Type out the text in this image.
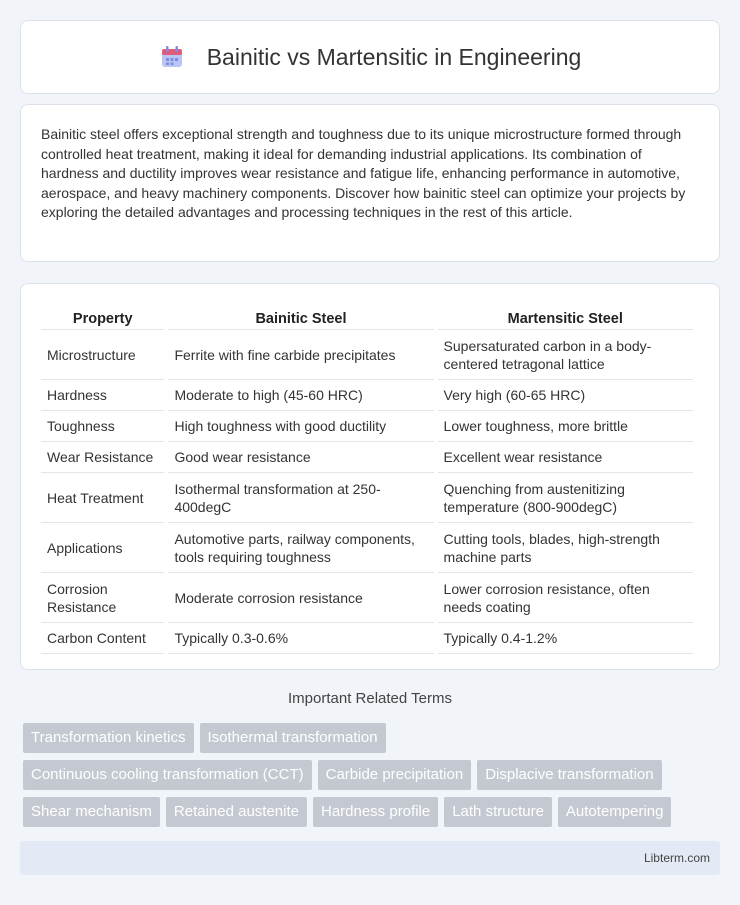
Bainitic vs Martensitic in Engineering

Bainitic steel offers exceptional strength and toughness due to its unique microstructure formed through controlled heat treatment, making it ideal for demanding industrial applications. Its combination of hardness and ductility improves wear resistance and fatigue life, enhancing performance in automotive, aerospace, and heavy machinery components. Discover how bainitic steel can optimize your projects by exploring the detailed advantages and processing techniques in the rest of this article.

Property	Bainitic Steel	Martensitic Steel
Microstructure	Ferrite with fine carbide precipitates	Supersaturated carbon in a body-centered tetragonal lattice
Hardness	Moderate to high (45-60 HRC)	Very high (60-65 HRC)
Toughness	High toughness with good ductility	Lower toughness, more brittle
Wear Resistance	Good wear resistance	Excellent wear resistance
Heat Treatment	Isothermal transformation at 250-400degC	Quenching from austenitizing temperature (800-900degC)
Applications	Automotive parts, railway components, tools requiring toughness	Cutting tools, blades, high-strength machine parts
Corrosion Resistance	Moderate corrosion resistance	Lower corrosion resistance, often needs coating
Carbon Content	Typically 0.3-0.6%	Typically 0.4-1.2%
Important Related Terms
Transformation kinetics	Isothermal transformation
Continuous cooling transformation (CCT)	Carbide precipitation	Displacive transformation
Shear mechanism	Retained austenite	Hardness profile	Lath structure	Autotempering
Libterm.com
